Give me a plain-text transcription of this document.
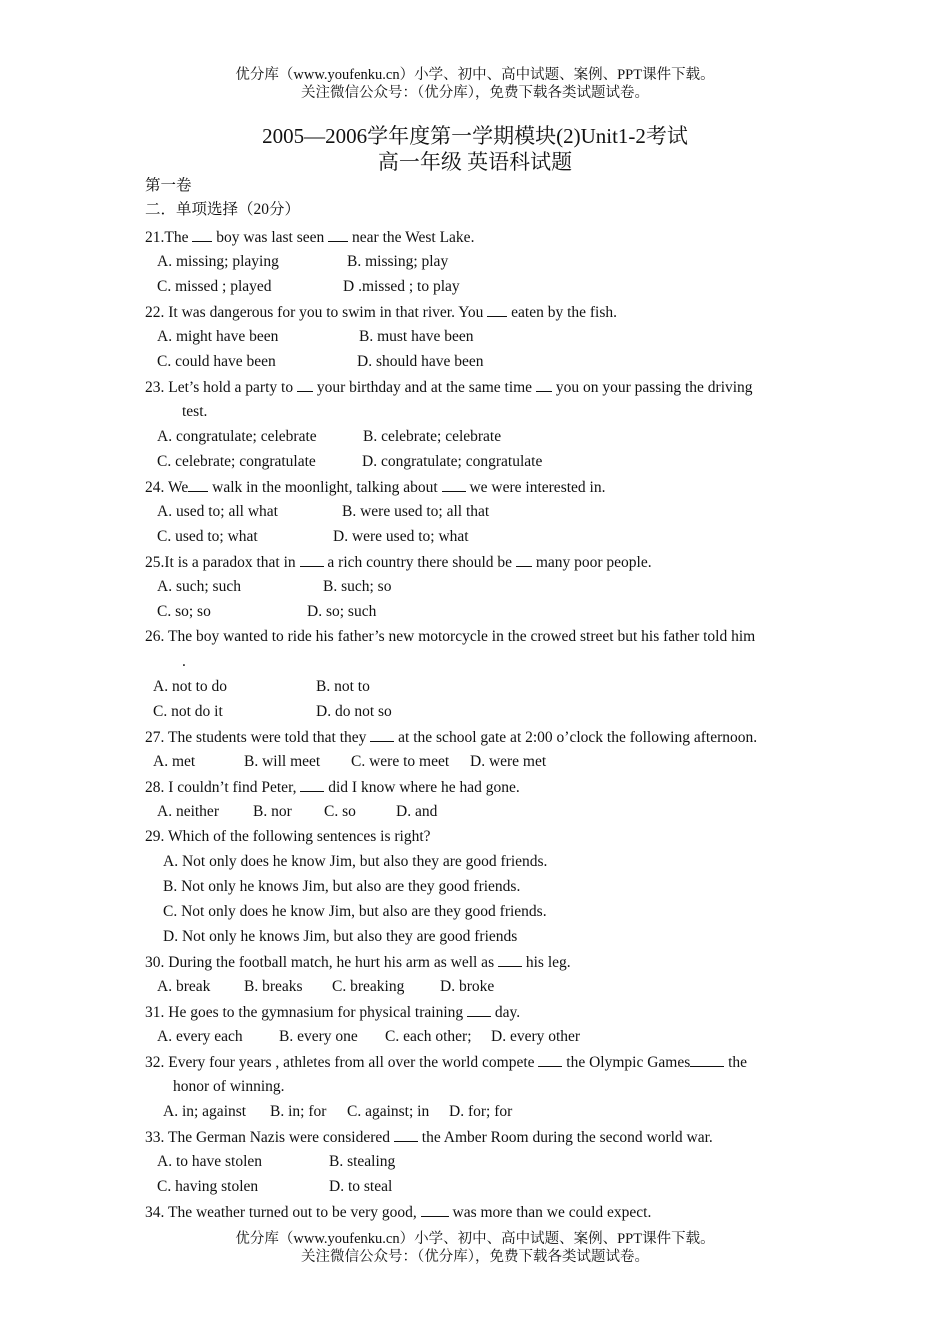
优分库（www.youfenku.cn）小学、初中、高中试题、案例、PPT课件下载。
关注微信公众号：（优分库），免费下载各类试题试卷。
2005—2006学年度第一学期模块(2)Unit1-2考试
高一年级 英语科试题
第一卷
二．单项选择（20分）
21.The  boy was last seen  near the West Lake.
A. missing; playing	B. missing; play
C. missed ; played	D .missed ; to play
22. It was dangerous for you to swim in that river. You  eaten by the fish.
A. might have been	B. must have been
C. could have been	D. should have been
23. Let’s hold a party to  your birthday and at the same time  you on your passing the driving
test.
A. congratulate; celebrate	B. celebrate; celebrate
C. celebrate; congratulate	D. congratulate; congratulate
24. We walk in the moonlight, talking about  we were interested in.
A. used to; all what	B. were used to; all that
C. used to; what	D. were used to; what
25.It is a paradox that in  a rich country there should be  many poor people.
A. such; such	B. such; so
C. so; so	D. so; such
26. The boy wanted to ride his father’s new motorcycle in the crowed street but his father told him
.
A. not to do	B. not to
C. not do it	D. do not so
27. The students were told that they  at the school gate at 2:00 o’clock the following afternoon.
A. met	B. will meet C. were to meet D. were met
28. I couldn’t find Peter,  did I know where he had gone.
A. neither B. nor C. so	D. and
29. Which of the following sentences is right?
A. Not only does he know Jim, but also they are good friends.
B. Not only he knows Jim, but also are they good friends.
C. Not only does he know Jim, but also are they good friends.
D. Not only he knows Jim, but also they are good friends
30. During the football match, he hurt his arm as well as  his leg.
A. break B. breaks C. breaking D. broke
31. He goes to the gymnasium for physical training  day.
A. every each B. every one C. each other; D. every other
32. Every four years , athletes from all over the world compete  the Olympic Games the
honor of winning.
A. in; against B. in; for C. against; in D. for; for
33. The German Nazis were considered  the Amber Room during the second world war.
A. to have stolen	B. stealing
C. having stolen	D. to steal
34. The weather turned out to be very good,  was more than we could expect.
优分库（www.youfenku.cn）小学、初中、高中试题、案例、PPT课件下载。
关注微信公众号：（优分库），免费下载各类试题试卷。
